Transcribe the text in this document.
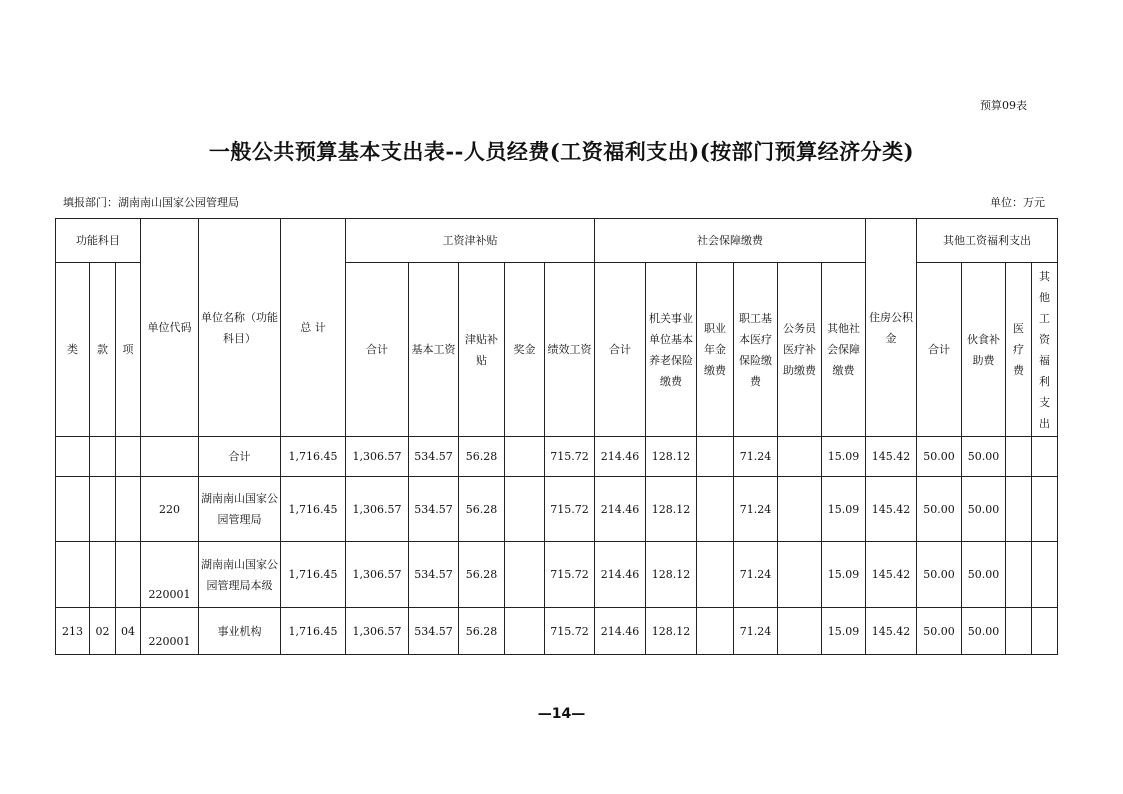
预算09表
一般公共预算基本支出表--人员经费(工资福利支出)(按部门预算经济分类)
填报部门：湖南南山国家公园管理局	单位：万元
功能科目			单位代码	单位名称（功能科目）	总 计	工资津补贴					社会保障缴费						住房公积金	其他工资福利支出			
类	款	项				合计	基本工资	津贴补贴	奖金	绩效工资	合计	机关事业单位基本养老保险缴费	职业年金缴费	职工基本医疗保险缴费	公务员医疗补助缴费	其他社会保障缴费		合计	伙食补助费	医疗费	其他工资福利支出
				合计	1,716.45	1,306.57	534.57	56.28		715.72	214.46	128.12		71.24		15.09	145.42	50.00	50.00		
			220	湖南南山国家公园管理局	1,716.45	1,306.57	534.57	56.28		715.72	214.46	128.12		71.24		15.09	145.42	50.00	50.00		
			220001	湖南南山国家公园管理局本级	1,716.45	1,306.57	534.57	56.28		715.72	214.46	128.12		71.24		15.09	145.42	50.00	50.00		
213	02	04	220001	事业机构	1,716.45	1,306.57	534.57	56.28		715.72	214.46	128.12		71.24		15.09	145.42	50.00	50.00		
—14—
